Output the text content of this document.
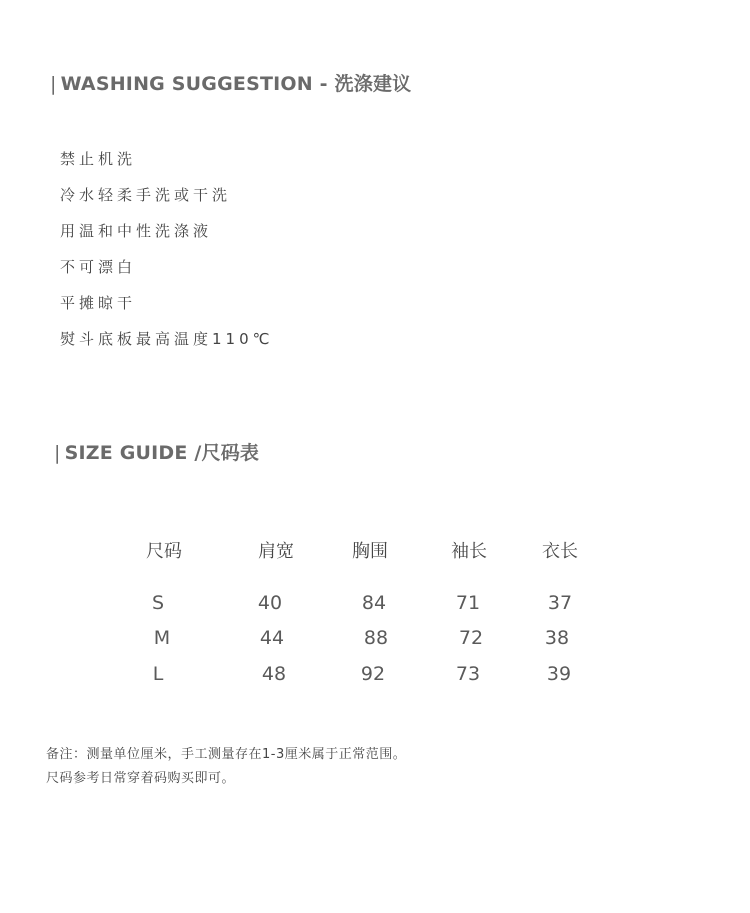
| WASHING SUGGESTION - 洗涤建议
禁止机洗
冷水轻柔手洗或干洗
用温和中性洗涤液
不可漂白
平摊晾干
熨斗底板最高温度110℃
| SIZE GUIDE /尺码表
尺码	肩宽	胸围	袖长	衣长
S	40	84	71	37
M	44	88	72	38
L	48	92	73	39
备注：测量单位厘米，手工测量存在1-3厘米属于正常范围。
尺码参考日常穿着码购买即可。
